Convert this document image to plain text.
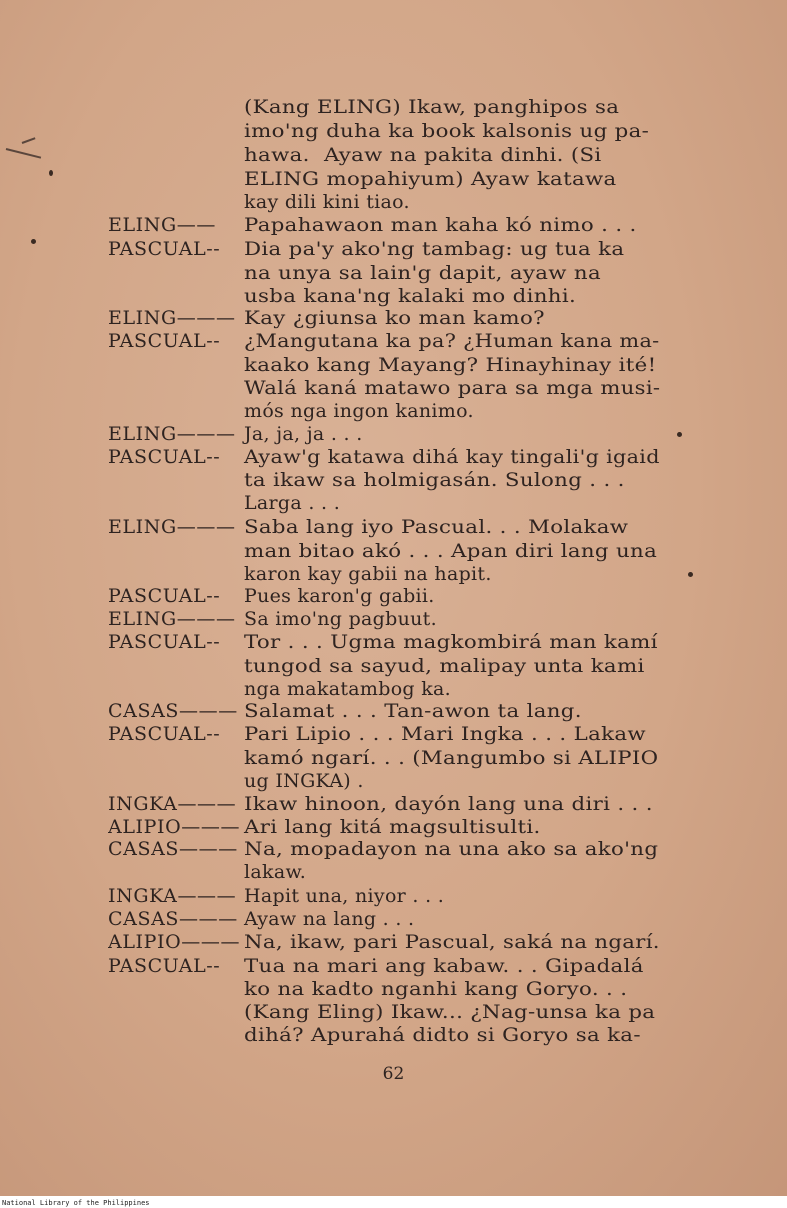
(Kang ELING) Ikaw, panghipos sa
imo'ng duha ka book kalsonis ug pa-
hawa.  Ayaw na pakita dinhi. (Si
ELING mopahiyum) Ayaw katawa
kay dili kini tiao.
ELING——	Papahawaon man kaha kó nimo . . .
PASCUAL--	Dia pa'y ako'ng tambag: ug tua ka
na unya sa lain'g dapit, ayaw na
usba kana'ng kalaki mo dinhi.
ELING——— Kay ¿giunsa ko man kamo?
PASCUAL--	¿Mangutana ka pa? ¿Human kana ma-
kaako kang Mayang? Hinayhinay ité!
Walá kaná matawo para sa mga musi-
mós nga ingon kanimo.
ELING——— Ja, ja, ja . . .
PASCUAL--	Ayaw'g katawa dihá kay tingali'g igaid
ta ikaw sa holmigasán. Sulong . . .
Larga . . .
ELING——— Saba lang iyo Pascual. . . Molakaw
man bitao akó . . . Apan diri lang una
karon kay gabii na hapit.
PASCUAL--	Pues karon'g gabii.
ELING——— Sa imo'ng pagbuut.
PASCUAL--	Tor . . . Ugma magkombirá man kamí
tungod sa sayud, malipay unta kami
nga makatambog ka.
CASAS——— Salamat . . . Tan-awon ta lang.
PASCUAL--	Pari Lipio . . . Mari Ingka . . . Lakaw
kamó ngarí. . . (Mangumbo si ALIPIO
ug INGKA) .
INGKA——— Ikaw hinoon, dayón lang una diri . . .
ALIPIO——— Ari lang kitá magsultisulti.
CASAS——— Na, mopadayon na una ako sa ako'ng
lakaw.
INGKA——— Hapit una, niyor . . .
CASAS——— Ayaw na lang . . .
ALIPIO——— Na, ikaw, pari Pascual, saká na ngarí.
PASCUAL--	Tua na mari ang kabaw. . . Gipadalá
ko na kadto nganhi kang Goryo. . .
(Kang Eling) Ikaw... ¿Nag-unsa ka pa
dihá? Apurahá didto si Goryo sa ka-
62
National Library of the Philippines
